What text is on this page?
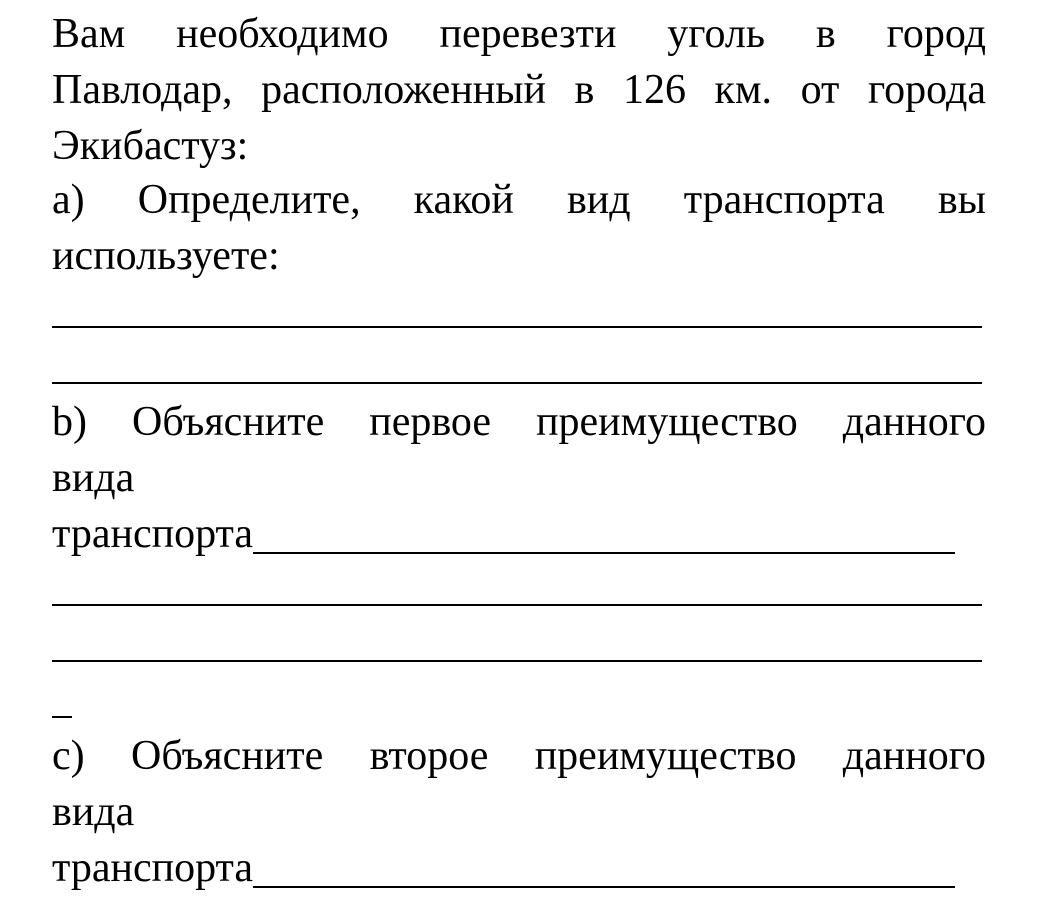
Вам необходимо перевезти уголь в город
Павлодар, расположенный в 126 км. от города
Экибастуз:
а) Определите, какой вид транспорта вы
используете:
b) Объясните первое преимущество данного
вида
транспорта
c) Объясните второе преимущество данного
вида
транспорта
